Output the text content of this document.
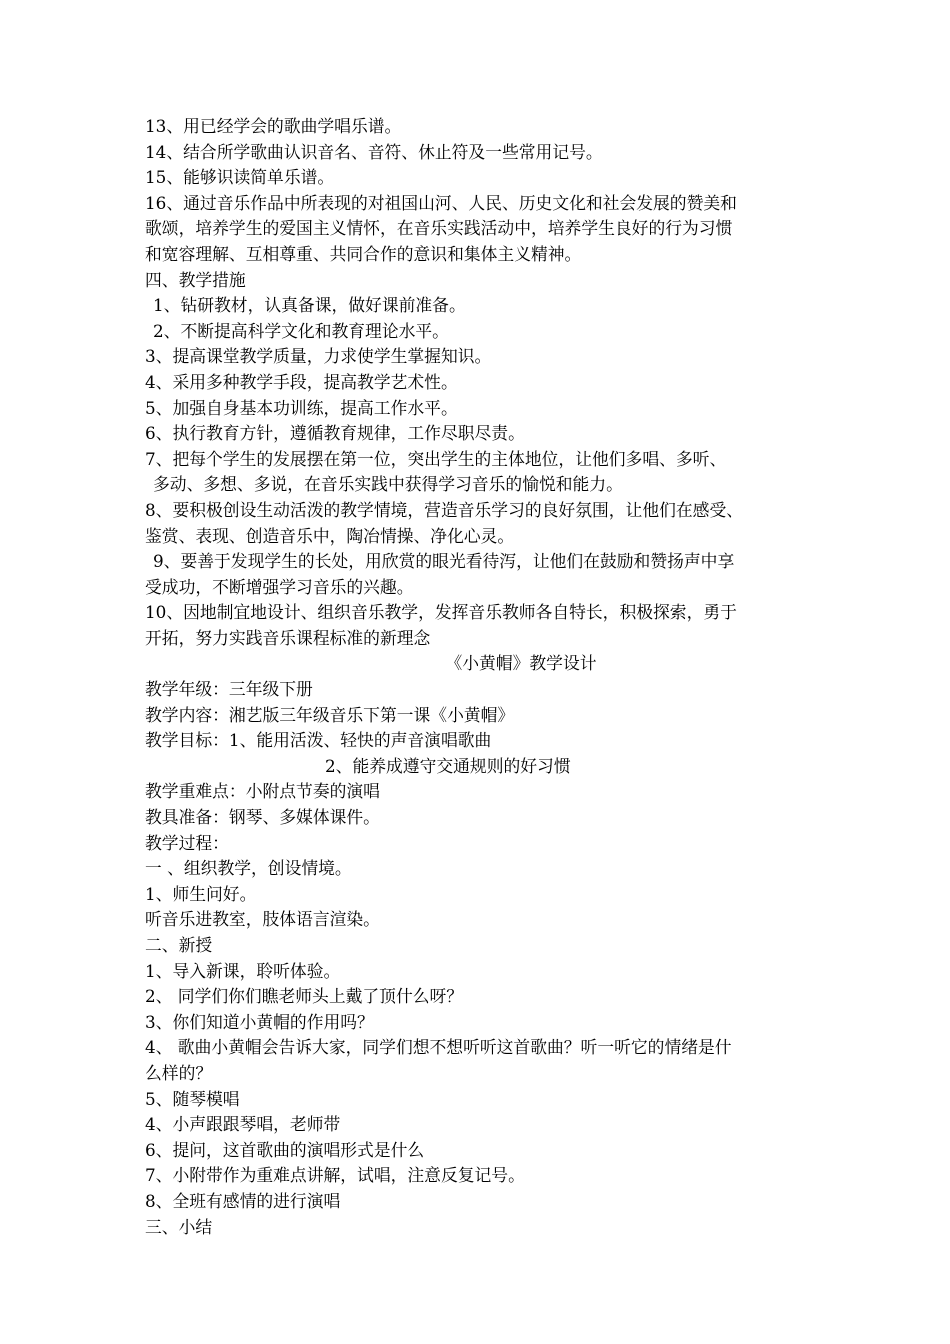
13、用已经学会的歌曲学唱乐谱。
14、结合所学歌曲认识音名、音符、休止符及一些常用记号。
15、能够识读简单乐谱。
16、通过音乐作品中所表现的对祖国山河、人民、历史文化和社会发展的赞美和
歌颂，培养学生的爱国主义情怀，在音乐实践活动中，培养学生良好的行为习惯
和宽容理解、互相尊重、共同合作的意识和集体主义精神。
四、教学措施
1、钻研教材，认真备课，做好课前准备。
2、不断提高科学文化和教育理论水平。
3、提高课堂教学质量，力求使学生掌握知识。
4、采用多种教学手段，提高教学艺术性。
5、加强自身基本功训练，提高工作水平。
6、执行教育方针，遵循教育规律，工作尽职尽责。
7、把每个学生的发展摆在第一位，突出学生的主体地位，让他们多唱、多听、
多动、多想、多说，在音乐实践中获得学习音乐的愉悦和能力。
8、要积极创设生动活泼的教学情境，营造音乐学习的良好氛围，让他们在感受、
鉴赏、表现、创造音乐中，陶冶情操、净化心灵。
9、要善于发现学生的长处，用欣赏的眼光看待泻，让他们在鼓励和赞扬声中享
受成功，不断增强学习音乐的兴趣。
10、因地制宜地设计、组织音乐教学，发挥音乐教师各自特长，积极探索，勇于
开拓，努力实践音乐课程标准的新理念
《小黄帽》教学设计
教学年级：三年级下册
教学内容：湘艺版三年级音乐下第一课《小黄帽》
教学目标：1、能用活泼、轻快的声音演唱歌曲
2、能养成遵守交通规则的好习惯
教学重难点：小附点节奏的演唱
教具准备：钢琴、多媒体课件。
教学过程：
一 、组织教学，创设情境。
1、师生问好。
听音乐进教室，肢体语言渲染。
二、新授
1、导入新课，聆听体验。
2、 同学们你们瞧老师头上戴了顶什么呀？
3、你们知道小黄帽的作用吗？
4、 歌曲小黄帽会告诉大家，同学们想不想听听这首歌曲？听一听它的情绪是什
么样的？
5、随琴模唱
4、小声跟跟琴唱，老师带
6、提问，这首歌曲的演唱形式是什么
7、小附带作为重难点讲解，试唱，注意反复记号。
8、全班有感情的进行演唱
三、小结
